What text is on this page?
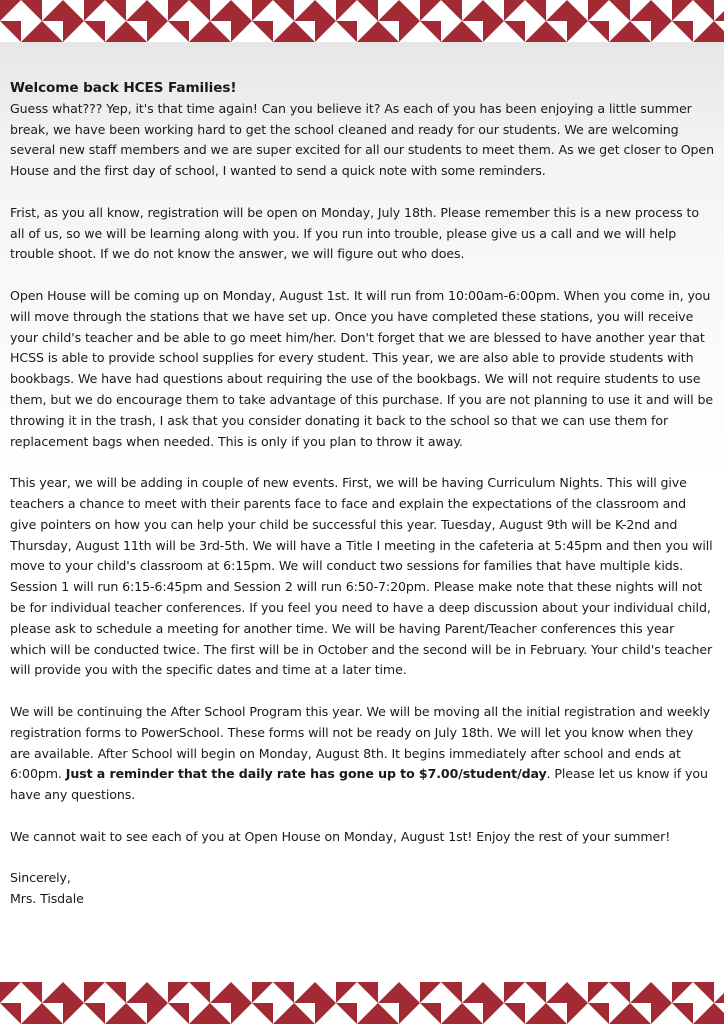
Welcome back HCES Families!

Guess what??? Yep, it's that time again! Can you believe it? As each of you has been enjoying a little summer break, we have been working hard to get the school cleaned and ready for our students. We are welcoming several new staff members and we are super excited for all our students to meet them. As we get closer to Open House and the first day of school, I wanted to send a quick note with some reminders.

Frist, as you all know, registration will be open on Monday, July 18th. Please remember this is a new process to all of us, so we will be learning along with you. If you run into trouble, please give us a call and we will help trouble shoot. If we do not know the answer, we will figure out who does.

Open House will be coming up on Monday, August 1st. It will run from 10:00am-6:00pm. When you come in, you will move through the stations that we have set up. Once you have completed these stations, you will receive your child's teacher and be able to go meet him/her. Don't forget that we are blessed to have another year that HCSS is able to provide school supplies for every student. This year, we are also able to provide students with bookbags. We have had questions about requiring the use of the bookbags. We will not require students to use them, but we do encourage them to take advantage of this purchase. If you are not planning to use it and will be throwing it in the trash, I ask that you consider donating it back to the school so that we can use them for replacement bags when needed. This is only if you plan to throw it away.

This year, we will be adding in couple of new events. First, we will be having Curriculum Nights. This will give teachers a chance to meet with their parents face to face and explain the expectations of the classroom and give pointers on how you can help your child be successful this year. Tuesday, August 9th will be K-2nd and Thursday, August 11th will be 3rd-5th. We will have a Title I meeting in the cafeteria at 5:45pm and then you will move to your child's classroom at 6:15pm. We will conduct two sessions for families that have multiple kids. Session 1 will run 6:15-6:45pm and Session 2 will run 6:50-7:20pm. Please make note that these nights will not be for individual teacher conferences. If you feel you need to have a deep discussion about your individual child, please ask to schedule a meeting for another time. We will be having Parent/Teacher conferences this year which will be conducted twice. The first will be in October and the second will be in February. Your child's teacher will provide you with the specific dates and time at a later time.

We will be continuing the After School Program this year. We will be moving all the initial registration and weekly registration forms to PowerSchool. These forms will not be ready on July 18th. We will let you know when they are available. After School will begin on Monday, August 8th. It begins immediately after school and ends at 6:00pm. Just a reminder that the daily rate has gone up to $7.00/student/day. Please let us know if you have any questions.

We cannot wait to see each of you at Open House on Monday, August 1st! Enjoy the rest of your summer!

Sincerely,

Mrs. Tisdale
